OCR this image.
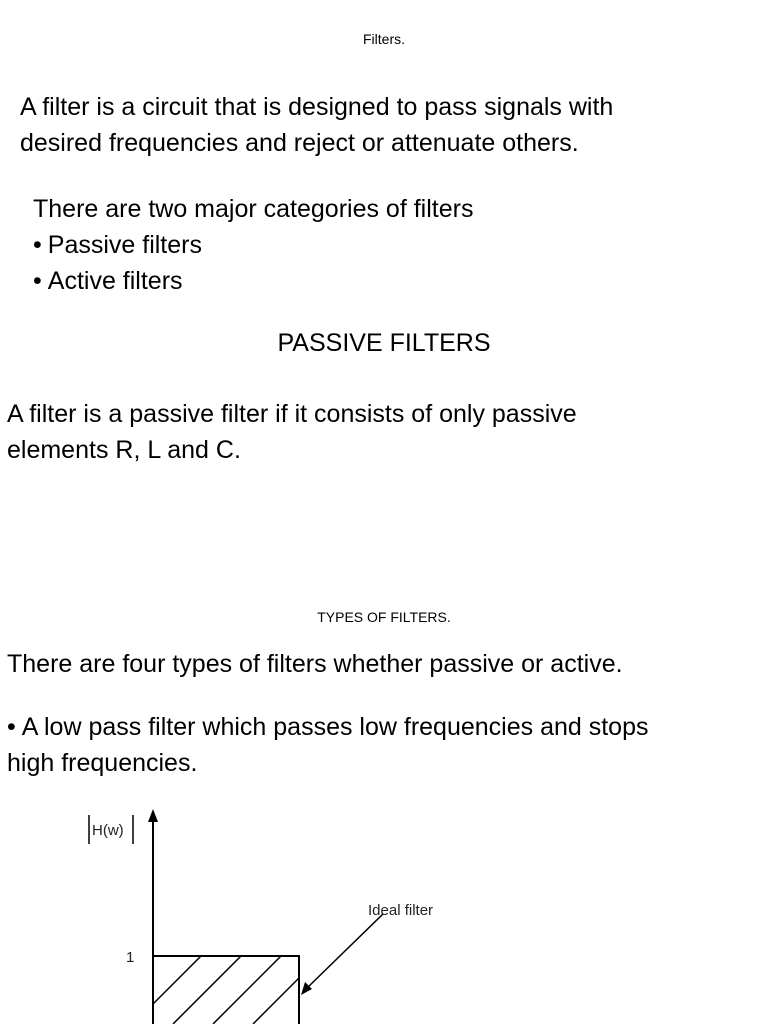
Filters.
A filter is a circuit that is designed to pass signals with
desired frequencies and reject or attenuate others.
There are two major categories of filters
• Passive filters
• Active filters
PASSIVE FILTERS
A filter is a passive filter if it consists of only passive
elements R, L and C.
TYPES OF FILTERS.
There are four types of filters whether passive or active.
• A low pass filter which passes low frequencies and stops
high frequencies.
H(w)
1
Ideal filter
